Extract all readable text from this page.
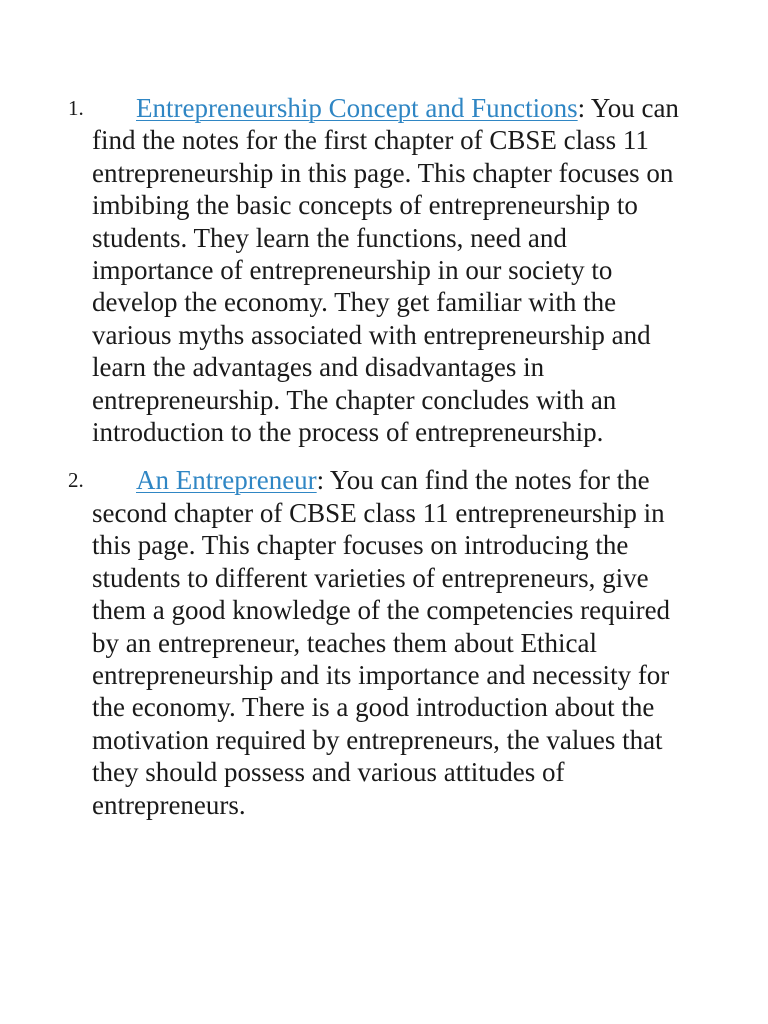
1. Entrepreneurship Concept and Functions: You can find the notes for the first chapter of CBSE class 11 entrepreneurship in this page. This chapter focuses on imbibing the basic concepts of entrepreneurship to students. They learn the functions, need and importance of entrepreneurship in our society to develop the economy. They get familiar with the various myths associated with entrepreneurship and learn the advantages and disadvantages in entrepreneurship. The chapter concludes with an introduction to the process of entrepreneurship.
2. An Entrepreneur: You can find the notes for the second chapter of CBSE class 11 entrepreneurship in this page. This chapter focuses on introducing the students to different varieties of entrepreneurs, give them a good knowledge of the competencies required by an entrepreneur, teaches them about Ethical entrepreneurship and its importance and necessity for the economy. There is a good introduction about the motivation required by entrepreneurs, the values that they should possess and various attitudes of entrepreneurs.
